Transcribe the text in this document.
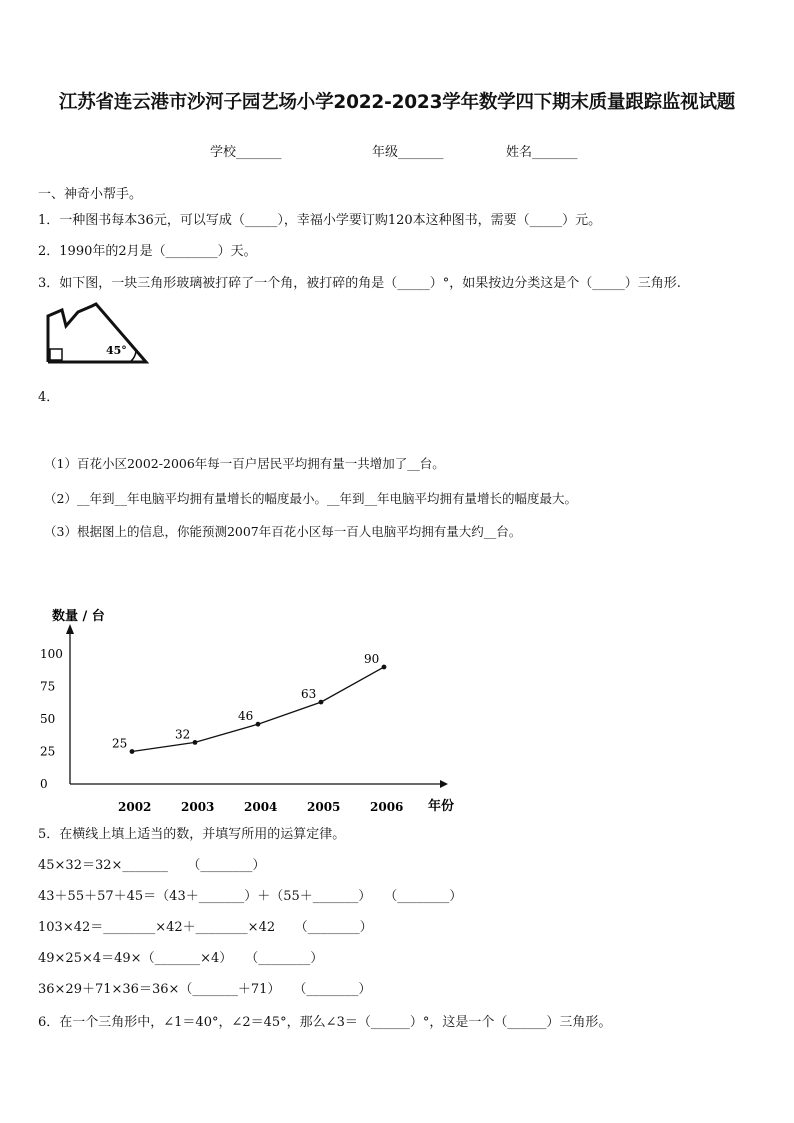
江苏省连云港市沙河子园艺场小学2022-2023学年数学四下期末质量跟踪监视试题
学校_______	年级_______	姓名_______
一、神奇小帮手。
1．一种图书每本36元，可以写成（_____），幸福小学要订购120本这种图书，需要（_____）元。
2．1990年的2月是（________）天。
3．如下图，一块三角形玻璃被打碎了一个角，被打碎的角是（_____）°，如果按边分类这是个（_____）三角形.
45°
4．
（1）百花小区2002-2006年每一百户居民平均拥有量一共增加了__台。
（2）__年到__年电脑平均拥有量增长的幅度最小。__年到__年电脑平均拥有量增长的幅度最大。
（3）根据图上的信息，你能预测2007年百花小区每一百人电脑平均拥有量大约__台。
数量 / 台
年份
0
25
50
75
100
2002 2003 2004 2005 2006
25
32
46
63
90
5．在横线上填上适当的数，并填写所用的运算定律。
45×32＝32×_______　　（________）
43＋55＋57＋45＝（43＋_______）＋（55＋_______）　　（________）
103×42＝________×42＋________×42　　（________）
49×25×4＝49×（_______×4）　　（________）
36×29＋71×36＝36×（_______＋71）　　（________）
6．在一个三角形中，∠1＝40°，∠2＝45°，那么∠3＝（______）°，这是一个（______）三角形。
